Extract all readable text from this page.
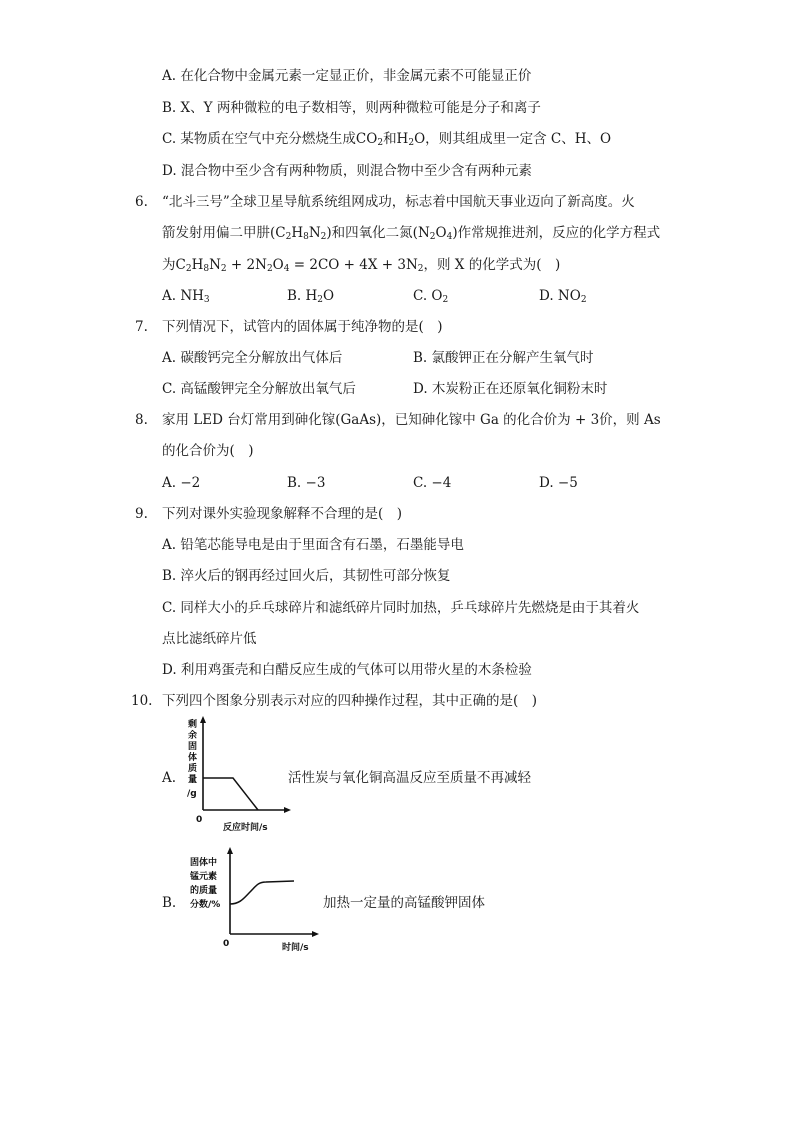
A. 在化合物中金属元素一定显正价，非金属元素不可能显正价
B. X、Y 两种微粒的电子数相等，则两种微粒可能是分子和离子
C. 某物质在空气中充分燃烧生成$CO_2$和$H_2O$，则其组成里一定含 C、H、O
D. 混合物中至少含有两种物质，则混合物中至少含有两种元素
6. “北斗三号”全球卫星导航系统组网成功，标志着中国航天事业迈向了新高度。火
箭发射用偏二甲肼$(C_2H_8N_2)$和四氧化二氮$(N_2O_4)$作常规推进剂，反应的化学方程式
为$C_2H_8N_2 + 2N_2O_4 = 2CO + 4X + 3N_2$，则 X 的化学式为(　)
A. $NH_3$	B. $H_2O$	C. $O_2$	D. $NO_2$
7. 下列情况下，试管内的固体属于纯净物的是(　)
A. 碳酸钙完全分解放出气体后	B. 氯酸钾正在分解产生氧气时
C. 高锰酸钾完全分解放出氧气后	D. 木炭粉正在还原氧化铜粉末时
8. 家用 LED 台灯常用到砷化镓(GaAs)，已知砷化镓中 Ga 的化合价为 + 3价，则 As
的化合价为(　)
A. −2	B. −3	C. −4	D. −5
9. 下列对课外实验现象解释不合理的是(　)
A. 铅笔芯能导电是由于里面含有石墨，石墨能导电
B. 淬火后的钢再经过回火后，其韧性可部分恢复
C. 同样大小的乒乓球碎片和滤纸碎片同时加热，乒乓球碎片先燃烧是由于其着火
点比滤纸碎片低
D. 利用鸡蛋壳和白醋反应生成的气体可以用带火星的木条检验
10. 下列四个图象分别表示对应的四种操作过程，其中正确的是(　)
A.
剩
余
固
体
质
量
/g
0
反应时间/s
活性炭与氧化铜高温反应至质量不再减轻
B.
固体中
锰元素
的质量
分数/%
0	时间/s
加热一定量的高锰酸钾固体
